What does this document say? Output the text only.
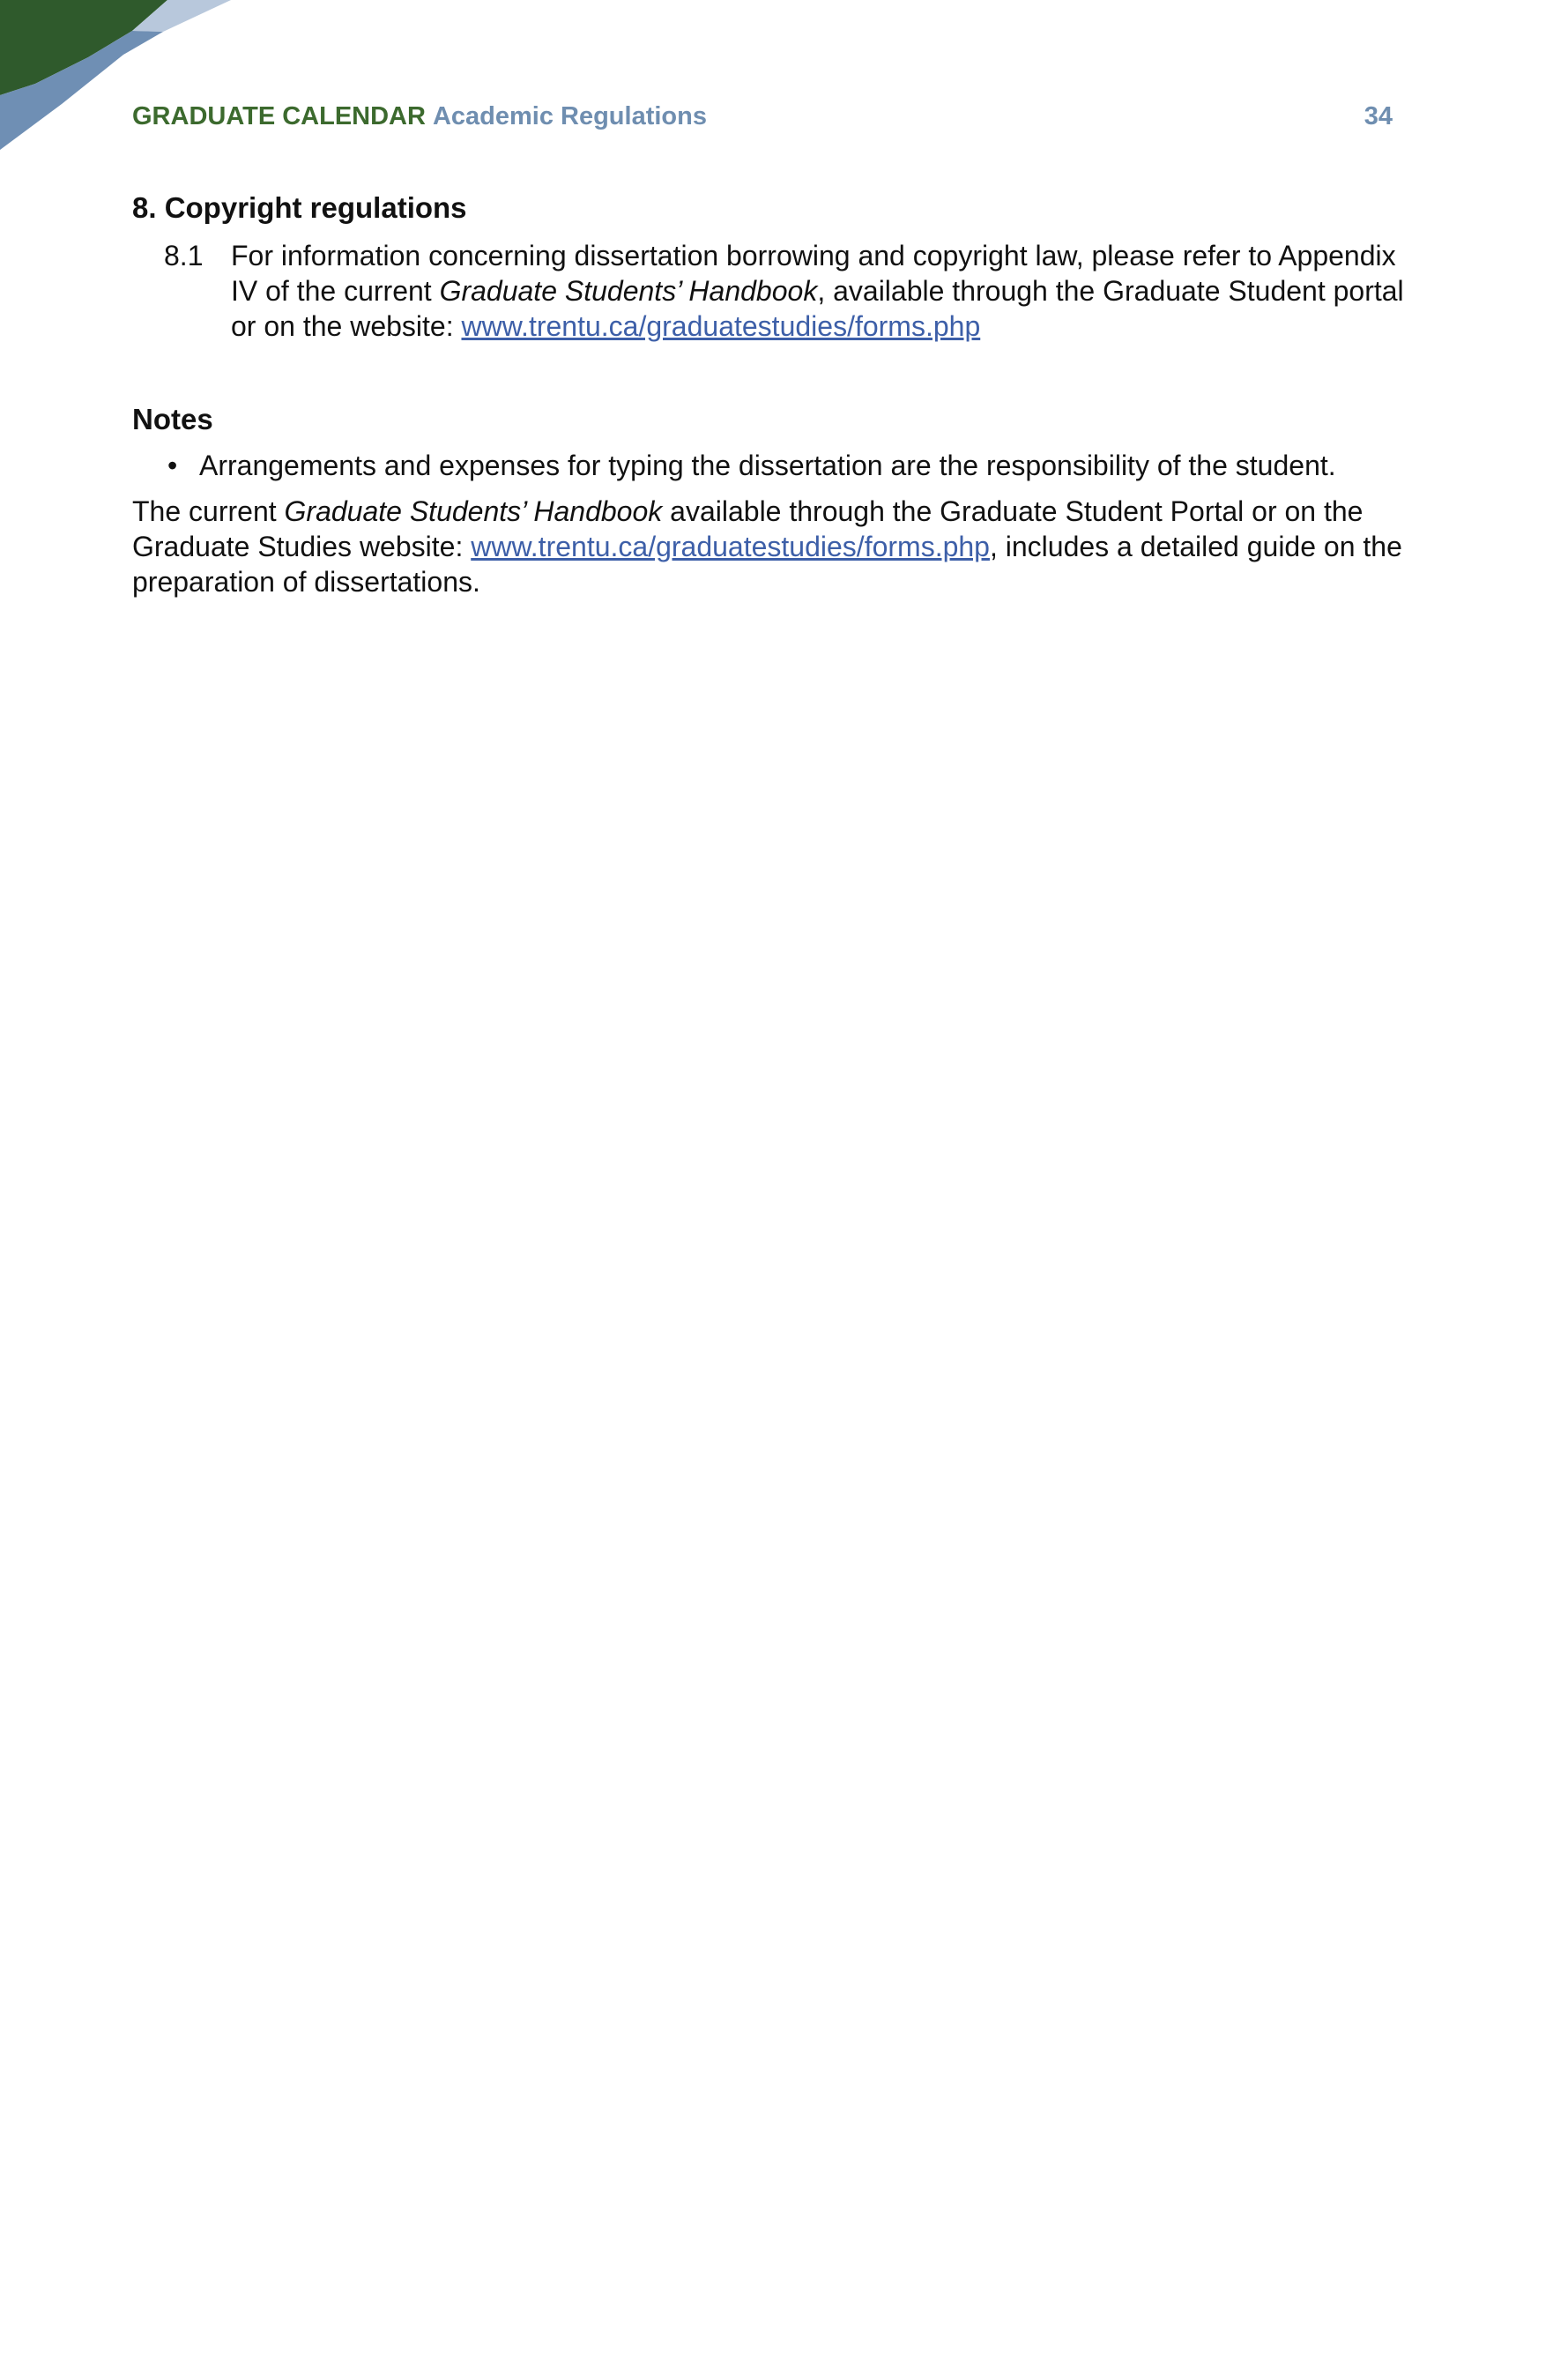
GRADUATE CALENDAR Academic Regulations	34
8. Copyright regulations
8.1 For information concerning dissertation borrowing and copyright law, please refer to Appendix IV of the current Graduate Students’ Handbook, available through the Graduate Student portal or on the website: www.trentu.ca/graduatestudies/forms.php
Notes
• Arrangements and expenses for typing the dissertation are the responsibility of the student.

The current Graduate Students’ Handbook available through the Graduate Student Portal or on the Graduate Studies website: www.trentu.ca/graduatestudies/forms.php, includes a detailed guide on the preparation of dissertations.
